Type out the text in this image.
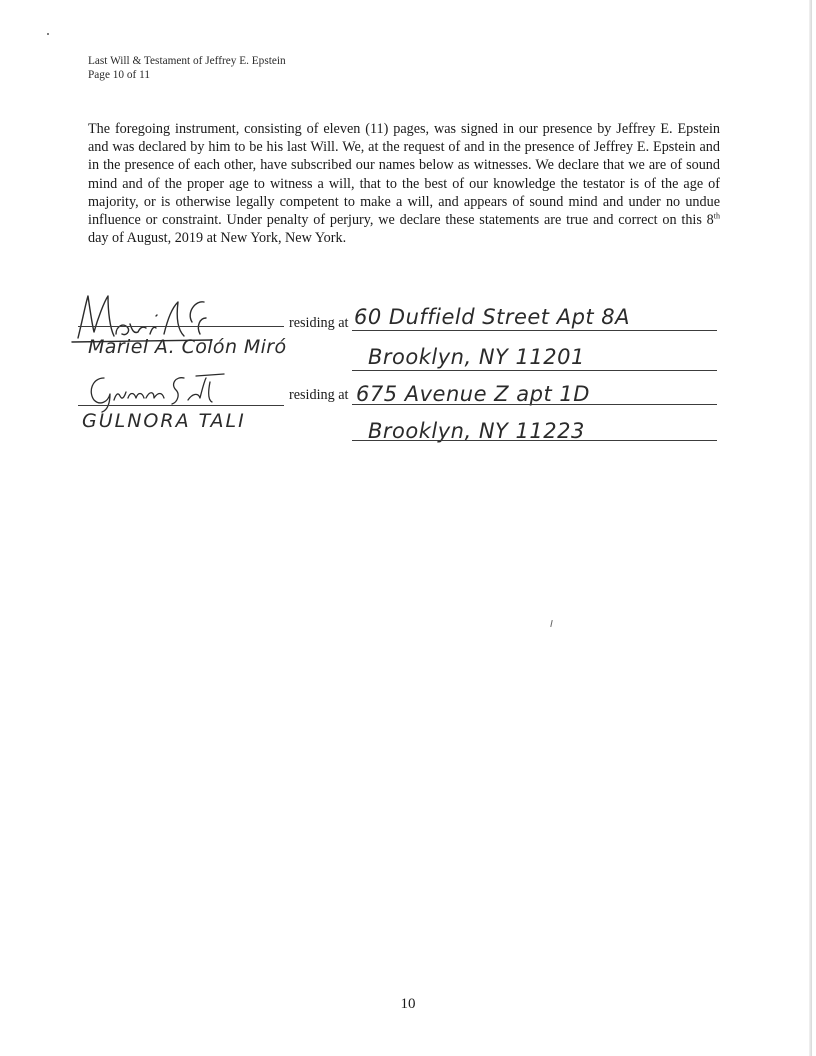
Last Will & Testament of Jeffrey E. Epstein
Page 10 of 11
The foregoing instrument, consisting of eleven (11) pages, was signed in our presence by Jeffrey E. Epstein and was declared by him to be his last Will. We, at the request of and in the presence of Jeffrey E. Epstein and in the presence of each other, have subscribed our names below as witnesses. We declare that we are of sound mind and of the proper age to witness a will, that to the best of our knowledge the testator is of the age of majority, or is otherwise legally competent to make a will, and appears of sound mind and under no undue influence or constraint. Under penalty of perjury, we declare these statements are true and correct on this 8th day of August, 2019 at New York, New York.
residing at
Mariel A. Colón Miró
60 Duffield Street Apt 8A
Brooklyn, NY 11201
residing at
GULNORA TALI
675 Avenue Z apt 1D
Brooklyn, NY 11223
10
